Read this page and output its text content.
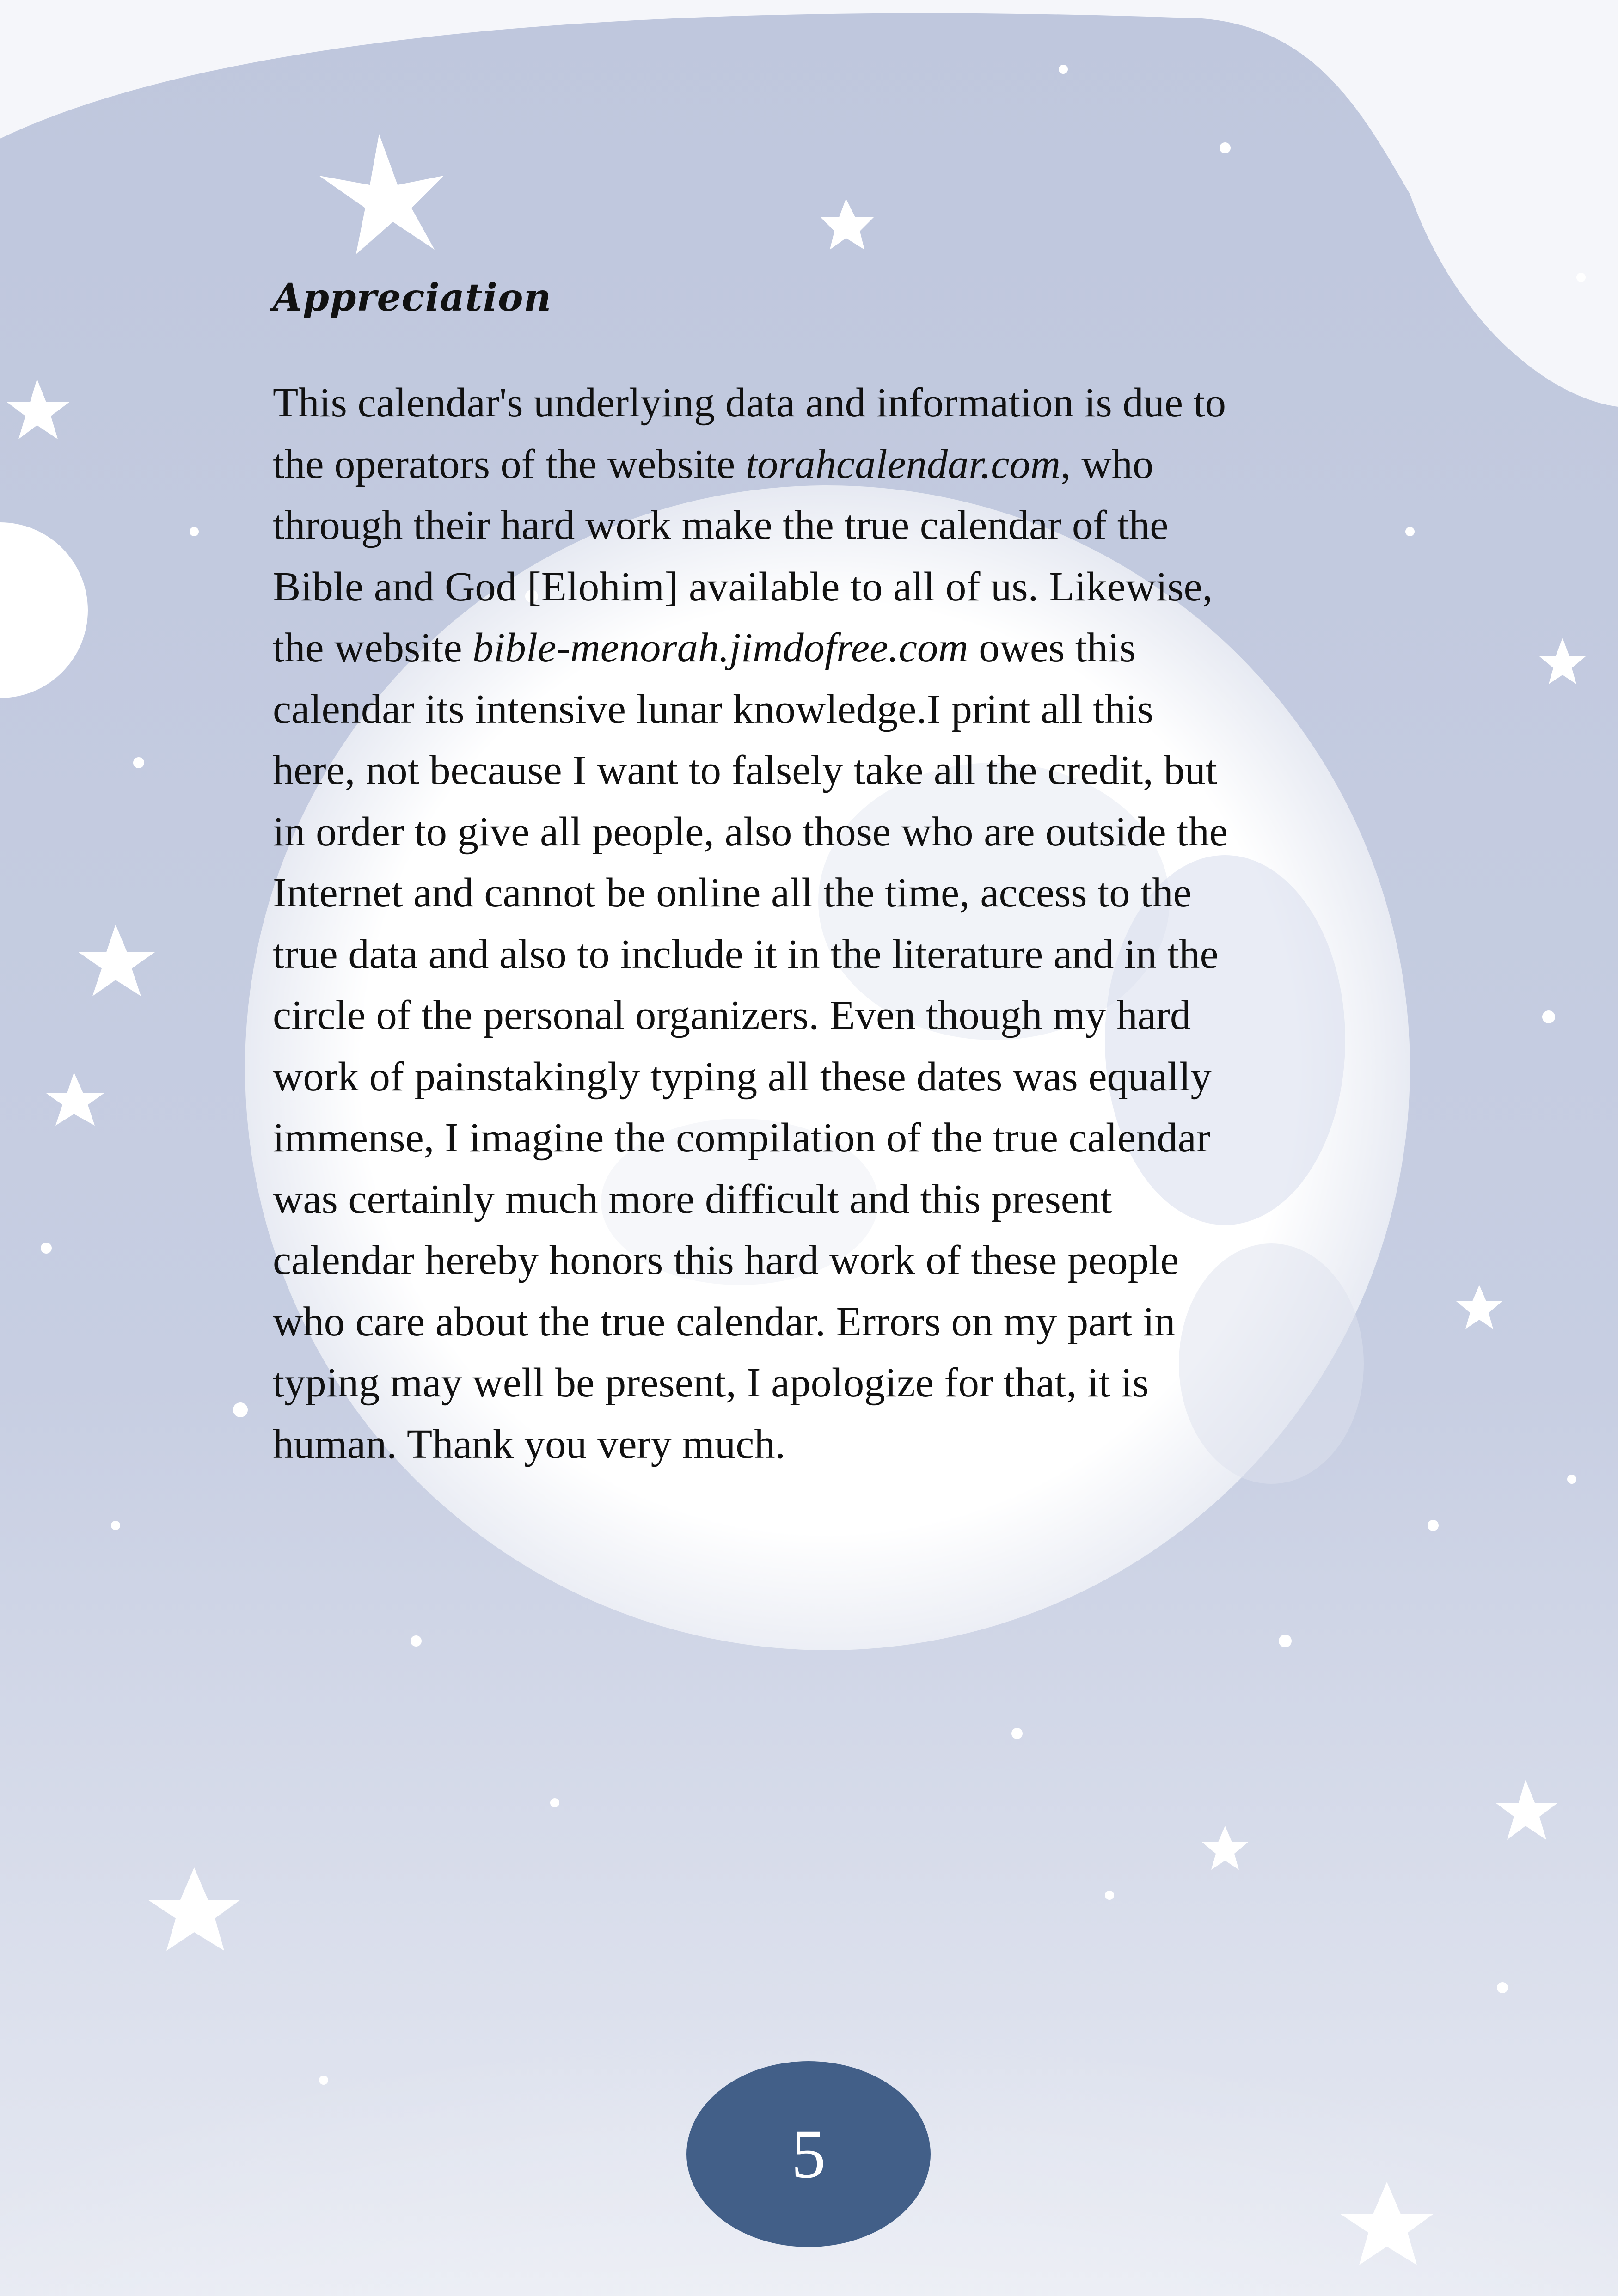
Appreciation

This calendar's underlying data and information is due to
the operators of the website torahcalendar.com, who
through their hard work make the true calendar of the
Bible and God [Elohim] available to all of us. Likewise,
the website bible-menorah.jimdofree.com owes this
calendar its intensive lunar knowledge.I print all this
here, not because I want to falsely take all the credit, but
in order to give all people, also those who are outside the
Internet and cannot be online all the time, access to the
true data and also to include it in the literature and in the
circle of the personal organizers. Even though my hard
work of painstakingly typing all these dates was equally
immense, I imagine the compilation of the true calendar
was certainly much more difficult and this present
calendar hereby honors this hard work of these people
who care about the true calendar. Errors on my part in
typing may well be present, I apologize for that, it is
human. Thank you very much.

5
